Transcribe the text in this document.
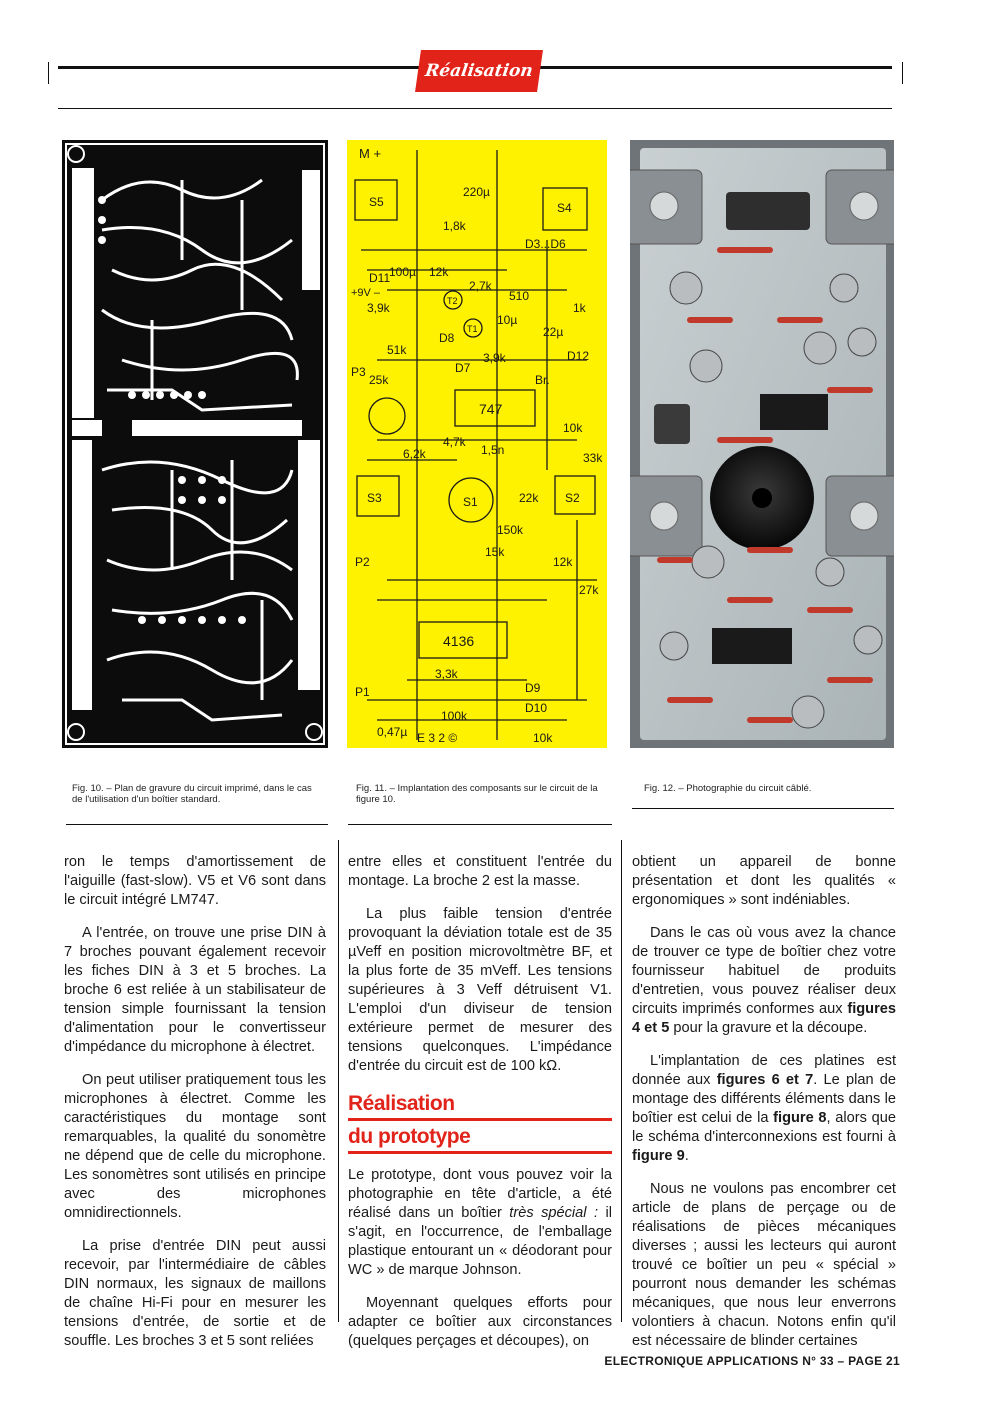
Réalisation
M +
220µ
1,8k
S5	S4
D3...D6
D11
100µ 12k
2,7k
T2	510
1k
+9V –
3,9k
T1
10µ
22µ
51k
D8
D7
3,9k	D12
P3
25k	Br.
747
10k
33k
6,2k
4,7k
1,5n
S3	S1	22k S2
150k
15k
P2	12k
27k
4136
3,3k
D9
D10
100k
P1
0,47µ E 3 2 ©	10k
Fig. 10. – Plan de gravure du circuit imprimé, dans le cas de l'utilisation d'un boîtier standard.
Fig. 11. – Implantation des composants sur le circuit de la figure 10.
Fig. 12. – Photographie du circuit câblé.

ron le temps d'amortissement de l'aiguille (fast-slow). V5 et V6 sont dans le circuit intégré LM747.

A l'entrée, on trouve une prise DIN à 7 broches pouvant également recevoir les fiches DIN à 3 et 5 broches. La broche 6 est reliée à un stabilisateur de tension simple fournissant la tension d'alimentation pour le convertisseur d'impédance du microphone à électret.

On peut utiliser pratiquement tous les microphones à électret. Comme les caractéristiques du montage sont remarquables, la qualité du sonomètre ne dépend que de celle du microphone. Les sonomètres sont utilisés en principe avec des microphones omnidirectionnels.

La prise d'entrée DIN peut aussi recevoir, par l'intermédiaire de câbles DIN normaux, les signaux de maillons de chaîne Hi-Fi pour en mesurer les tensions d'entrée, de sortie et de souffle. Les broches 3 et 5 sont reliées

entre elles et constituent l'entrée du montage. La broche 2 est la masse.

La plus faible tension d'entrée provoquant la déviation totale est de 35 µVeff en position microvoltmètre BF, et la plus forte de 35 mVeff. Les tensions supérieures à 3 Veff détruisent V1. L'emploi d'un diviseur de tension extérieure permet de mesurer des tensions quelconques. L'impédance d'entrée du circuit est de 100 kΩ.

Réalisation
du prototype

Le prototype, dont vous pouvez voir la photographie en tête d'article, a été réalisé dans un boîtier très spécial : il s'agit, en l'occurrence, de l'emballage plastique entourant un « déodorant pour WC » de marque Johnson.

Moyennant quelques efforts pour adapter ce boîtier aux circonstances (quelques perçages et découpes), on

obtient un appareil de bonne présentation et dont les qualités « ergonomiques » sont indéniables.

Dans le cas où vous avez la chance de trouver ce type de boîtier chez votre fournisseur habituel de produits d'entretien, vous pouvez réaliser deux circuits imprimés conformes aux figures 4 et 5 pour la gravure et la découpe.

L'implantation de ces platines est donnée aux figures 6 et 7. Le plan de montage des différents éléments dans le boîtier est celui de la figure 8, alors que le schéma d'interconnexions est fourni à figure 9.

Nous ne voulons pas encombrer cet article de plans de perçage ou de réalisations de pièces mécaniques diverses ; aussi les lecteurs qui auront trouvé ce boîtier un peu « spécial » pourront nous demander les schémas mécaniques, que nous leur enverrons volontiers à chacun. Notons enfin qu'il est nécessaire de blinder certaines

ELECTRONIQUE APPLICATIONS N° 33 – PAGE 21
